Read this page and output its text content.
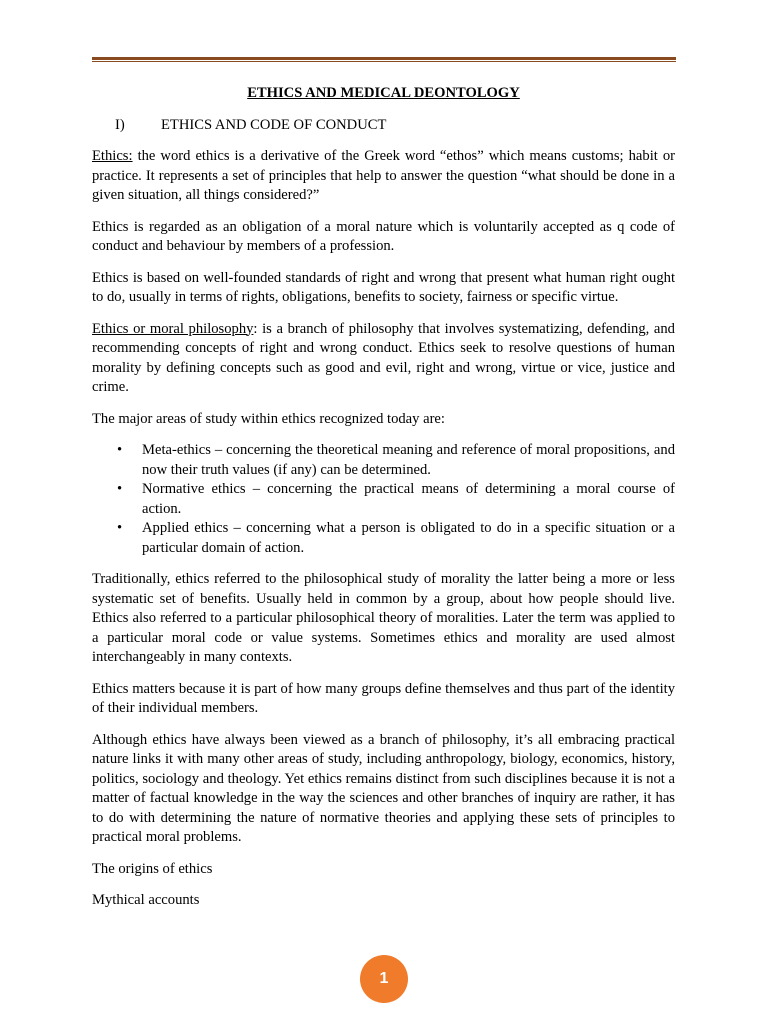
ETHICS AND MEDICAL DEONTOLOGY
I) ETHICS AND CODE OF CONDUCT

Ethics: the word ethics is a derivative of the Greek word “ethos” which means customs; habit or practice. It represents a set of principles that help to answer the question “what should be done in a given situation, all things considered?”

Ethics is regarded as an obligation of a moral nature which is voluntarily accepted as q code of conduct and behaviour by members of a profession.

Ethics is based on well-founded standards of right and wrong that present what human right ought to do, usually in terms of rights, obligations, benefits to society, fairness or specific virtue.

Ethics or moral philosophy: is a branch of philosophy that involves systematizing, defending, and recommending concepts of right and wrong conduct. Ethics seek to resolve questions of human morality by defining concepts such as good and evil, right and wrong, virtue or vice, justice and crime.

The major areas of study within ethics recognized today are:

• Meta-ethics – concerning the theoretical meaning and reference of moral propositions, and now their truth values (if any) can be determined.
• Normative ethics – concerning the practical means of determining a moral course of action.
• Applied ethics – concerning what a person is obligated to do in a specific situation or a particular domain of action.

Traditionally, ethics referred to the philosophical study of morality the latter being a more or less systematic set of benefits. Usually held in common by a group, about how people should live. Ethics also referred to a particular philosophical theory of moralities. Later the term was applied to a particular moral code or value systems. Sometimes ethics and morality are used almost interchangeably in many contexts.

Ethics matters because it is part of how many groups define themselves and thus part of the identity of their individual members.

Although ethics have always been viewed as a branch of philosophy, it’s all embracing practical nature links it with many other areas of study, including anthropology, biology, economics, history, politics, sociology and theology. Yet ethics remains distinct from such disciplines because it is not a matter of factual knowledge in the way the sciences and other branches of inquiry are rather, it has to do with determining the nature of normative theories and applying these sets of principles to practical moral problems.

The origins of ethics

Mythical accounts

1
